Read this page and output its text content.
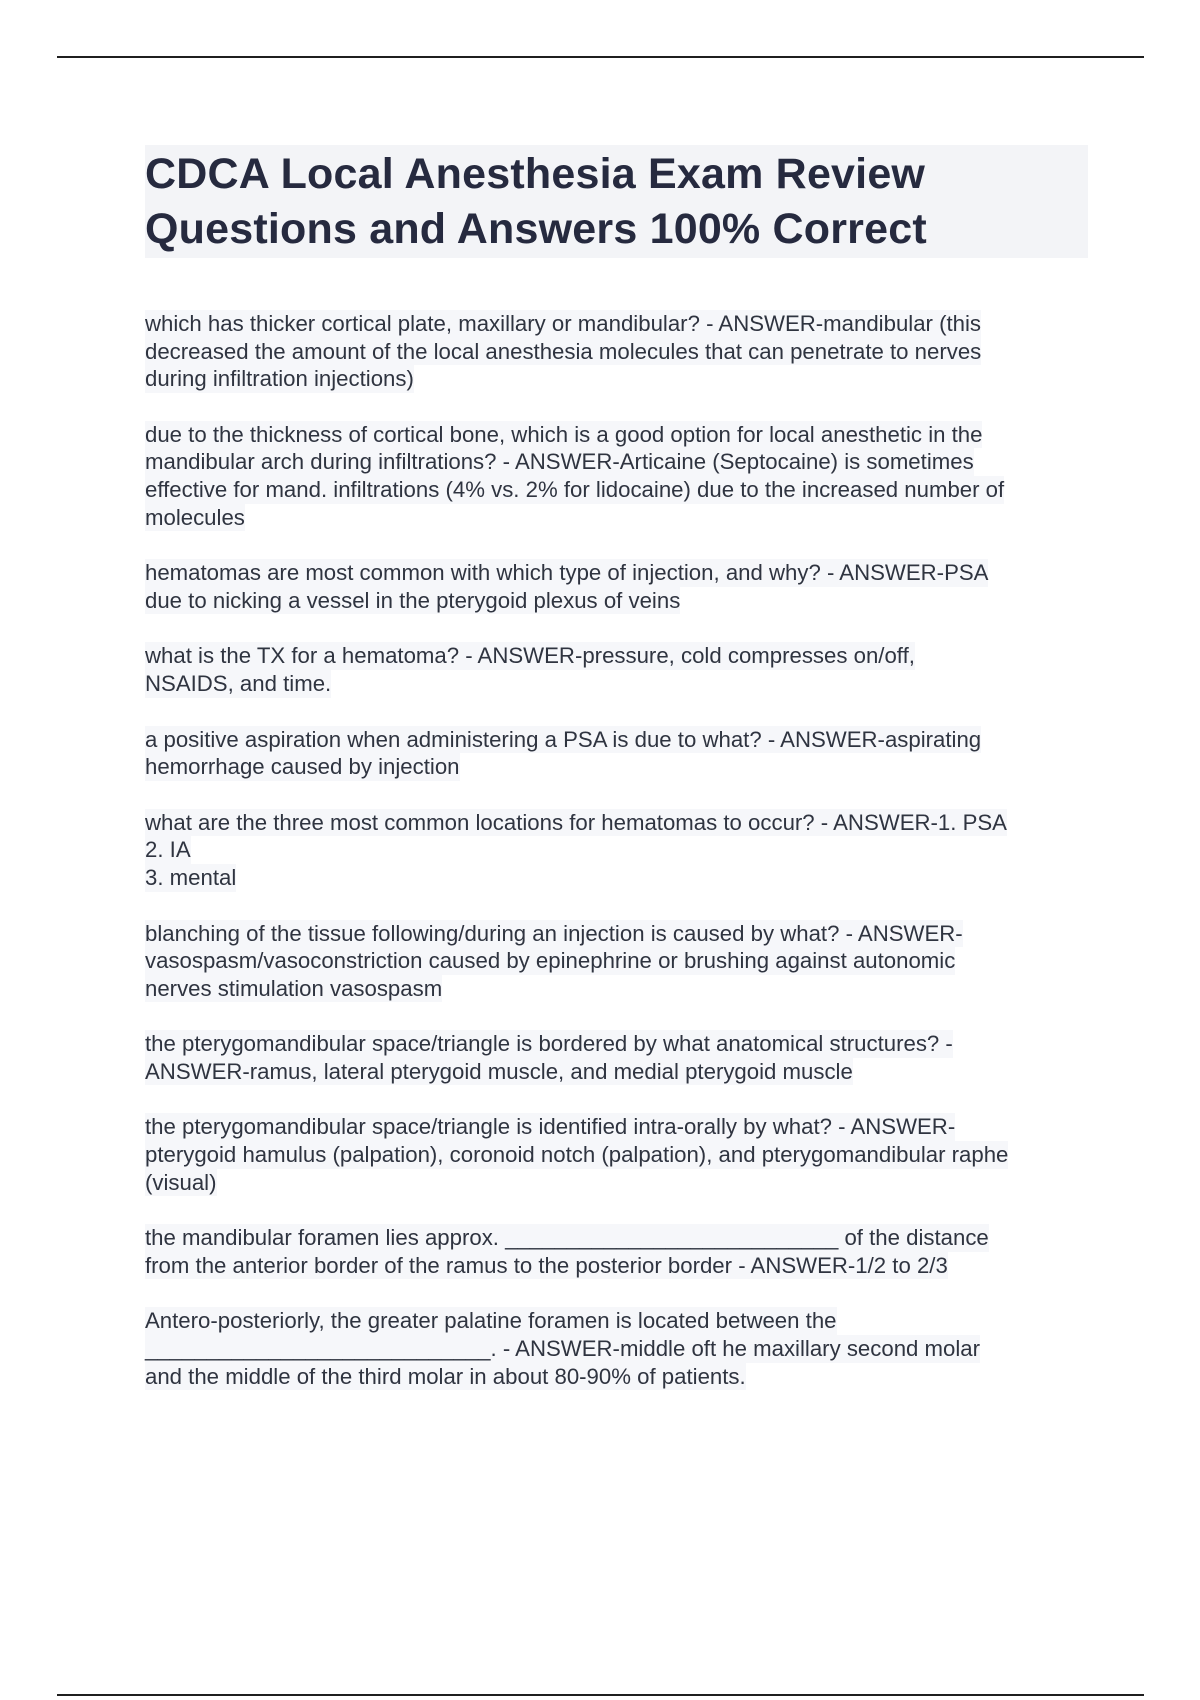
CDCA Local Anesthesia Exam Review
Questions and Answers 100% Correct
which has thicker cortical plate, maxillary or mandibular? - ANSWER-mandibular (this
decreased the amount of the local anesthesia molecules that can penetrate to nerves
during infiltration injections)
due to the thickness of cortical bone, which is a good option for local anesthetic in the
mandibular arch during infiltrations? - ANSWER-Articaine (Septocaine) is sometimes
effective for mand. infiltrations (4% vs. 2% for lidocaine) due to the increased number of
molecules
hematomas are most common with which type of injection, and why? - ANSWER-PSA
due to nicking a vessel in the pterygoid plexus of veins
what is the TX for a hematoma? - ANSWER-pressure, cold compresses on/off,
NSAIDS, and time.
a positive aspiration when administering a PSA is due to what? - ANSWER-aspirating
hemorrhage caused by injection
what are the three most common locations for hematomas to occur? - ANSWER-1. PSA
2. IA
3. mental
blanching of the tissue following/during an injection is caused by what? - ANSWER-
vasospasm/vasoconstriction caused by epinephrine or brushing against autonomic
nerves stimulation vasospasm
the pterygomandibular space/triangle is bordered by what anatomical structures? -
ANSWER-ramus, lateral pterygoid muscle, and medial pterygoid muscle
the pterygomandibular space/triangle is identified intra-orally by what? - ANSWER-
pterygoid hamulus (palpation), coronoid notch (palpation), and pterygomandibular raphe
(visual)
the mandibular foramen lies approx. ___________________________ of the distance
from the anterior border of the ramus to the posterior border - ANSWER-1/2 to 2/3
Antero-posteriorly, the greater palatine foramen is located between the
____________________________. - ANSWER-middle oft he maxillary second molar
and the middle of the third molar in about 80-90% of patients.
